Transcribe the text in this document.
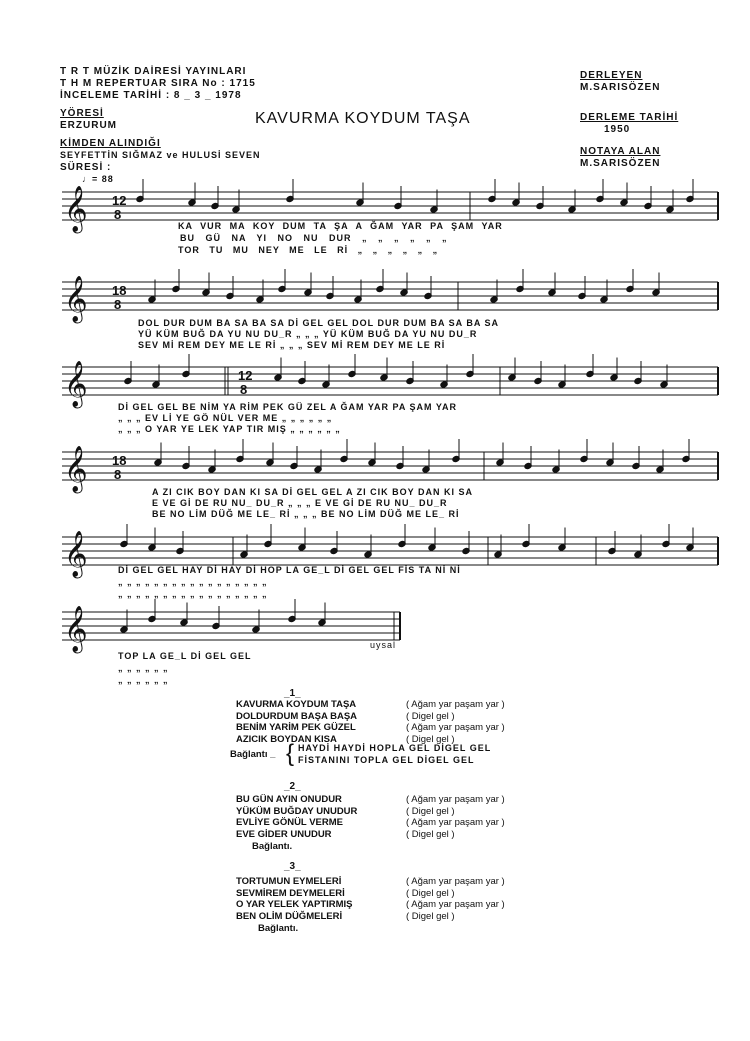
T R T MÜZİK DAİRESİ YAYINLARI
T H M REPERTUAR SIRA No : 1715
İNCELEME TARİHİ : 8 _ 3 _ 1978
YÖRESİ
ERZURUM
KİMDEN ALINDIĞI
SEYFETTİN SIĞMAZ ve HULUSİ SEVEN
SÜRESİ :
KAVURMA KOYDUM TAŞA
DERLEYEN
M.SARISÖZEN
DERLEME TARİHİ
1950
NOTAYA ALAN
M.SARISÖZEN
♩= 88
𝄞 12
8
𝄞 18
8
𝄞	12
8
𝄞 18
8
𝄞
𝄞
KA VUR MA KOY DUM TA ŞA A ĞAM YAR PA ŞAM YAR
BU GÜ NA YI NO NU DUR „ „ „ „ „ „
TOR TU MU NEY ME LE Rİ „ „ „ „ „ „
DOL DUR DUM BA SA BA SA Dİ GEL GEL DOL DUR DUM BA SA BA SA
YÜ KÜM BUĞ DA YU NU DU_R „ „ „ YÜ KÜM BUĞ DA YU NU DU_R
SEV Mİ REM DEY ME LE Rİ „ „ „ SEV Mİ REM DEY ME LE Rİ
Dİ GEL GEL BE NİM YA RİM PEK GÜ ZEL A ĞAM YAR PA ŞAM YAR
„ „ „ EV Lİ YE GÖ NÜL VER ME „ „ „ „ „ „
„ „ „ O YAR YE LEK YAP TIR MIŞ „ „ „ „ „ „
A ZI CIK BOY DAN KI SA Dİ GEL GEL A ZI CIK BOY DAN KI SA
E VE Gİ DE RU NU_ DU_R „ „ „ E VE Gİ DE RU NU_ DU_R
BE NO LİM DÜĞ ME LE_ Rİ „ „ „ BE NO LİM DÜĞ ME LE_ Rİ
Dİ GEL GEL HAY Dİ HAY Dİ HOP LA GE_L Dİ GEL GEL FİS TA Nİ Nİ
„ „ „ „ „ „ „ „ „ „ „ „ „ „ „ „ „
„ „ „ „ „ „ „ „ „ „ „ „ „ „ „ „ „
TOP LA GE_L Dİ GEL GEL
„ „ „ „ „ „
„ „ „ „ „ „
uysal
_1_
KAVURMA KOYDUM TAŞA	( Ağam yar paşam yar )
DOLDURDUM BAŞA BAŞA	( Digel gel )
BENİM YARİM PEK GÜZEL	( Ağam yar paşam yar )
AZICIK BOYDAN KISA	( Digel gel )
Bağlantı _ { HAYDİ HAYDİ HOPLA GEL DİGEL GEL
FİSTANINI TOPLA GEL DİGEL GEL
_2_
BU GÜN AYIN ONUDUR	( Ağam yar paşam yar )
YÜKÜM BUĞDAY UNUDUR	( Digel gel )
EVLİYE GÖNÜL VERME	( Ağam yar paşam yar )
EVE GİDER UNUDUR	( Digel gel )
Bağlantı.
_3_
TORTUMUN EYMELERİ	( Ağam yar paşam yar )
SEVMİREM DEYMELERİ	( Digel gel )
O YAR YELEK YAPTIRMIŞ	( Ağam yar paşam yar )
BEN OLİM DÜĞMELERİ	( Digel gel )
Bağlantı.
